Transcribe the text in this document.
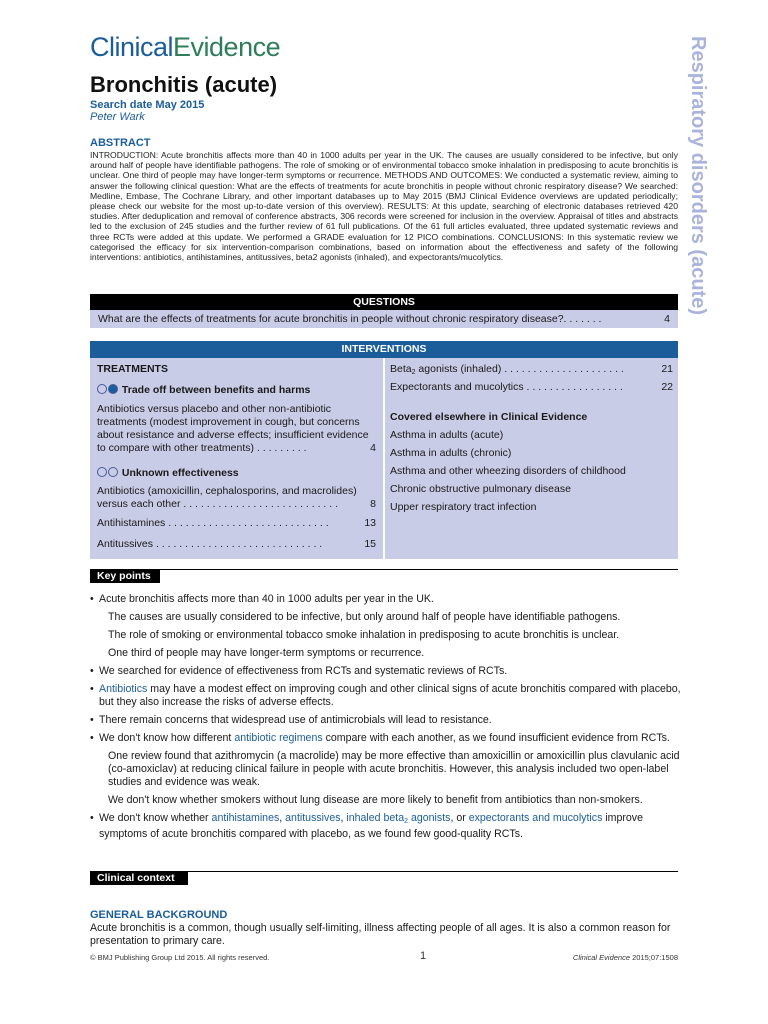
ClinicalEvidence	Respiratory disorders (acute)
Bronchitis (acute)
Search date May 2015
Peter Wark
ABSTRACT

INTRODUCTION: Acute bronchitis affects more than 40 in 1000 adults per year in the UK. The causes are usually considered to be infective, but only around half of people have identifiable pathogens. The role of smoking or of environmental tobacco smoke inhalation in predisposing to acute bronchitis is unclear. One third of people may have longer-term symptoms or recurrence. METHODS AND OUTCOMES: We conducted a systematic review, aiming to answer the following clinical question: What are the effects of treatments for acute bronchitis in people without chronic respiratory disease? We searched: Medline, Embase, The Cochrane Library, and other important databases up to May 2015 (BMJ Clinical Evidence overviews are updated periodically; please check our website for the most up-to-date version of this overview). RESULTS: At this update, searching of electronic databases retrieved 420 studies. After deduplication and removal of conference abstracts, 306 records were screened for inclusion in the overview. Appraisal of titles and abstracts led to the exclusion of 245 studies and the further review of 61 full publications. Of the 61 full articles evaluated, three updated systematic reviews and three RCTs were added at this update. We performed a GRADE evaluation for 12 PICO combinations. CONCLUSIONS: In this systematic review we categorised the efficacy for six intervention-comparison combinations, based on information about the effectiveness and safety of the following interventions: antibiotics, antihistamines, antitussives, beta2 agonists (inhaled), and expectorants/mucolytics.

QUESTIONS
What are the effects of treatments for acute bronchitis in people without chronic respiratory disease?. . . . . . .	4
INTERVENTIONS
TREATMENTS
Trade off between benefits and harms
Antibiotics versus placebo and other non-antibiotic treatments (modest improvement in cough, but concerns about resistance and adverse effects; insufficient evidence to compare with other treatments) . . . . . . . . .	4
Unknown effectiveness
Antibiotics (amoxicillin, cephalosporins, and macrolides) versus each other . . . . . . . . . . . . . . . . . . . . . . . . . . .	8
Antihistamines . . . . . . . . . . . . . . . . . . . . . . . . . . . .	13
Antitussives . . . . . . . . . . . . . . . . . . . . . . . . . . . . .	15
Beta2 agonists (inhaled) . . . . . . . . . . . . . . . . . . . . .	21
Expectorants and mucolytics . . . . . . . . . . . . . . . . .	22
Covered elsewhere in Clinical Evidence
Asthma in adults (acute)
Asthma in adults (chronic)
Asthma and other wheezing disorders of childhood
Chronic obstructive pulmonary disease
Upper respiratory tract infection
Key points
• Acute bronchitis affects more than 40 in 1000 adults per year in the UK.
The causes are usually considered to be infective, but only around half of people have identifiable pathogens.
The role of smoking or environmental tobacco smoke inhalation in predisposing to acute bronchitis is unclear.
One third of people may have longer-term symptoms or recurrence.
• We searched for evidence of effectiveness from RCTs and systematic reviews of RCTs.
• Antibiotics may have a modest effect on improving cough and other clinical signs of acute bronchitis compared with placebo, but they also increase the risks of adverse effects.
• There remain concerns that widespread use of antimicrobials will lead to resistance.
• We don't know how different antibiotic regimens compare with each another, as we found insufficient evidence from RCTs.
One review found that azithromycin (a macrolide) may be more effective than amoxicillin or amoxicillin plus clavulanic acid (co-amoxiclav) at reducing clinical failure in people with acute bronchitis. However, this analysis included two open-label studies and evidence was weak.
We don't know whether smokers without lung disease are more likely to benefit from antibiotics than non-smokers.
• We don't know whether antihistamines, antitussives, inhaled beta2 agonists, or expectorants and mucolytics improve symptoms of acute bronchitis compared with placebo, as we found few good-quality RCTs.
Clinical context
GENERAL BACKGROUND

Acute bronchitis is a common, though usually self-limiting, illness affecting people of all ages. It is also a common reason for presentation to primary care.

© BMJ Publishing Group Ltd 2015. All rights reserved.	1	Clinical Evidence 2015;07:1508
